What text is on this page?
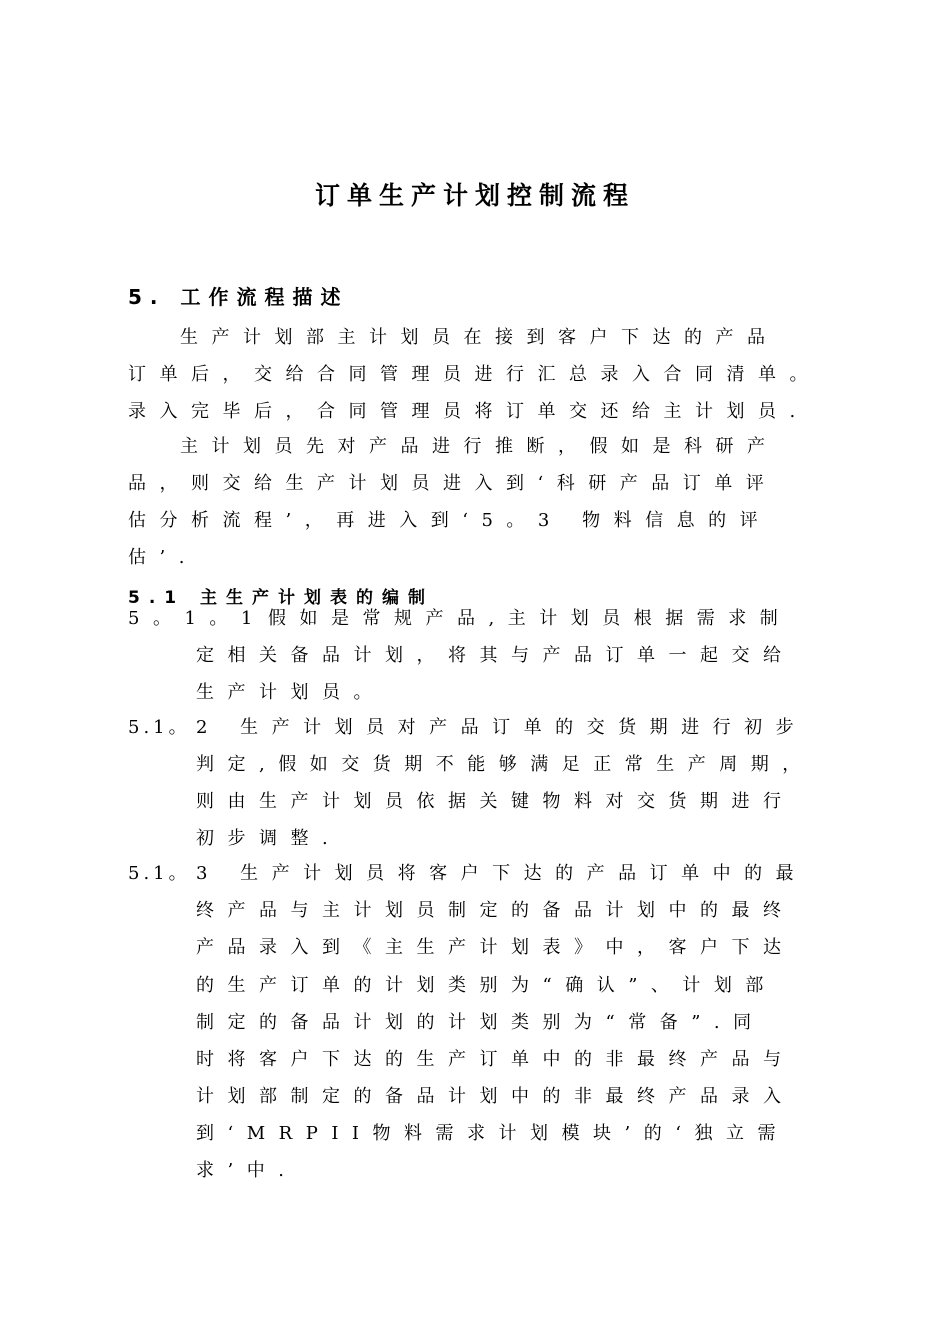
订单生产计划控制流程
5. 工作流程描述
生产计划部主计划员在接到客户下达的产品
订单后，交给合同管理员进行汇总录入合同清单。
录入完毕后，合同管理员将订单交还给主计划员.
主计划员先对产品进行推断，假如是科研产
品，则交给生产计划员进入到‘科研产品订单评
估分析流程’，再进入到‘5。3 物料信息的评
估’.
5.1 主生产计划表的编制
5。1。1 假如是常规产品,主计划员根据需求制
定相关备品计划，将其与产品订单一起交给
生产计划员。
5.1。 2 生产计划员对产品订单的交货期进行初步
判定,假如交货期不能够满足正常生产周期，
则由生产计划员依据关键物料对交货期进行
初步调整.
5.1。 3 生产计划员将客户下达的产品订单中的最
终产品与主计划员制定的备品计划中的最终
产品录入到《主生产计划表》中，客户下达
的生产订单的计划类别为“确认”、计划部
制定的备品计划的计划类别为“常备”.同
时将客户下达的生产订单中的非最终产品与
计划部制定的备品计划中的非最终产品录入
到‘MRPII物料需求计划模块’的‘独立需
求’中.
